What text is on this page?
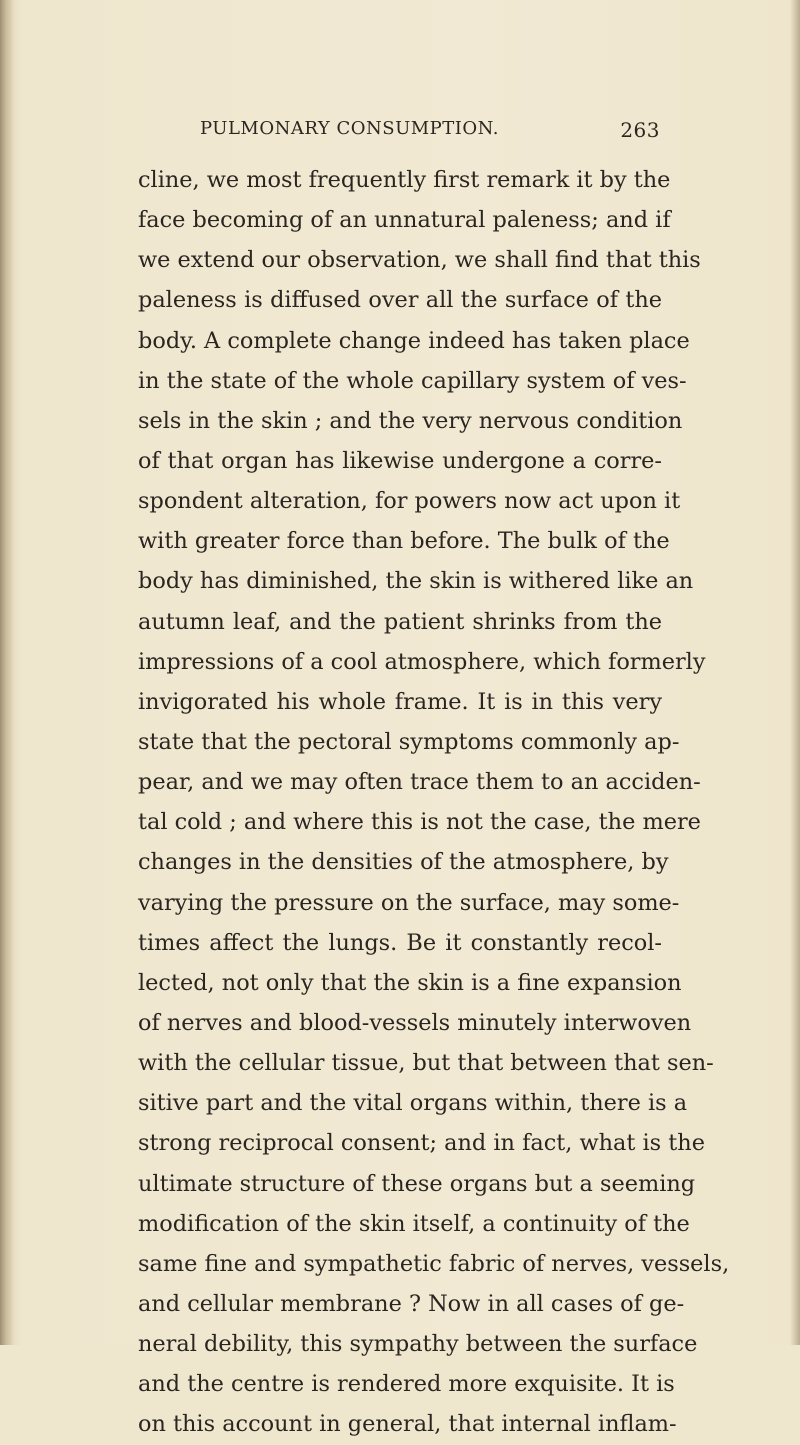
PULMONARY CONSUMPTION.	263
cline, we most frequently first remark it by the
face becoming of an unnatural paleness; and if
we extend our observation, we shall find that this
paleness is diffused over all the surface of the
body. A complete change indeed has taken place
in the state of the whole capillary system of ves-
sels in the skin ; and the very nervous condition
of that organ has likewise undergone a corre-
spondent alteration, for powers now act upon it
with greater force than before. The bulk of the
body has diminished, the skin is withered like an
autumn leaf, and the patient shrinks from the
impressions of a cool atmosphere, which formerly
invigorated his whole frame. It is in this very
state that the pectoral symptoms commonly ap-
pear, and we may often trace them to an acciden-
tal cold ; and where this is not the case, the mere
changes in the densities of the atmosphere, by
varying the pressure on the surface, may some-
times affect the lungs. Be it constantly recol-
lected, not only that the skin is a fine expansion
of nerves and blood-vessels minutely interwoven
with the cellular tissue, but that between that sen-
sitive part and the vital organs within, there is a
strong reciprocal consent; and in fact, what is the
ultimate structure of these organs but a seeming
modification of the skin itself, a continuity of the
same fine and sympathetic fabric of nerves, vessels,
and cellular membrane ? Now in all cases of ge-
neral debility, this sympathy between the surface
and the centre is rendered more exquisite. It is
on this account in general, that internal inflam-
